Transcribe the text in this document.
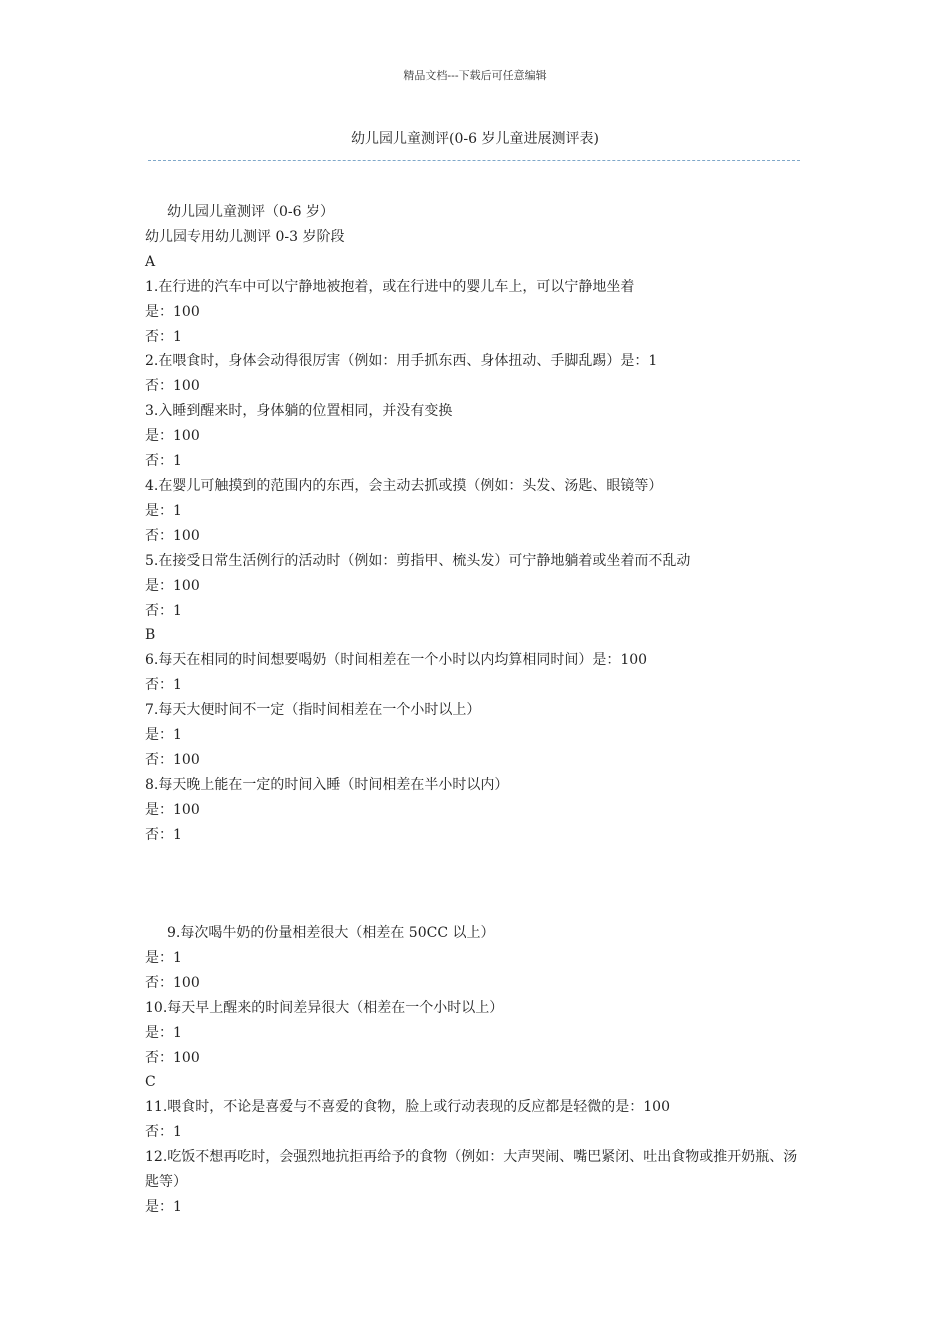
精品文档---下载后可任意编辑
幼儿园儿童测评(0-6 岁儿童进展测评表)
幼儿园儿童测评（0-6 岁）
幼儿园专用幼儿测评 0-3 岁阶段
A
1.在行进的汽车中可以宁静地被抱着，或在行进中的婴儿车上，可以宁静地坐着
是：100
否：1
2.在喂食时，身体会动得很厉害（例如：用手抓东西、身体扭动、手脚乱踢）是：1
否：100
3.入睡到醒来时，身体躺的位置相同，并没有变换
是：100
否：1
4.在婴儿可触摸到的范围内的东西，会主动去抓或摸（例如：头发、汤匙、眼镜等）
是：1
否：100
5.在接受日常生活例行的活动时（例如：剪指甲、梳头发）可宁静地躺着或坐着而不乱动
是：100
否：1
B
6.每天在相同的时间想要喝奶（时间相差在一个小时以内均算相同时间）是：100
否：1
7.每天大便时间不一定（指时间相差在一个小时以上）
是：1
否：100
8.每天晚上能在一定的时间入睡（时间相差在半小时以内）
是：100
否：1
9.每次喝牛奶的份量相差很大（相差在 50CC 以上）
是：1
否：100
10.每天早上醒来的时间差异很大（相差在一个小时以上）
是：1
否：100
C
11.喂食时，不论是喜爱与不喜爱的食物，脸上或行动表现的反应都是轻微的是：100
否：1
12.吃饭不想再吃时，会强烈地抗拒再给予的食物（例如：大声哭闹、嘴巴紧闭、吐出食物或推开奶瓶、汤匙等）
是：1
